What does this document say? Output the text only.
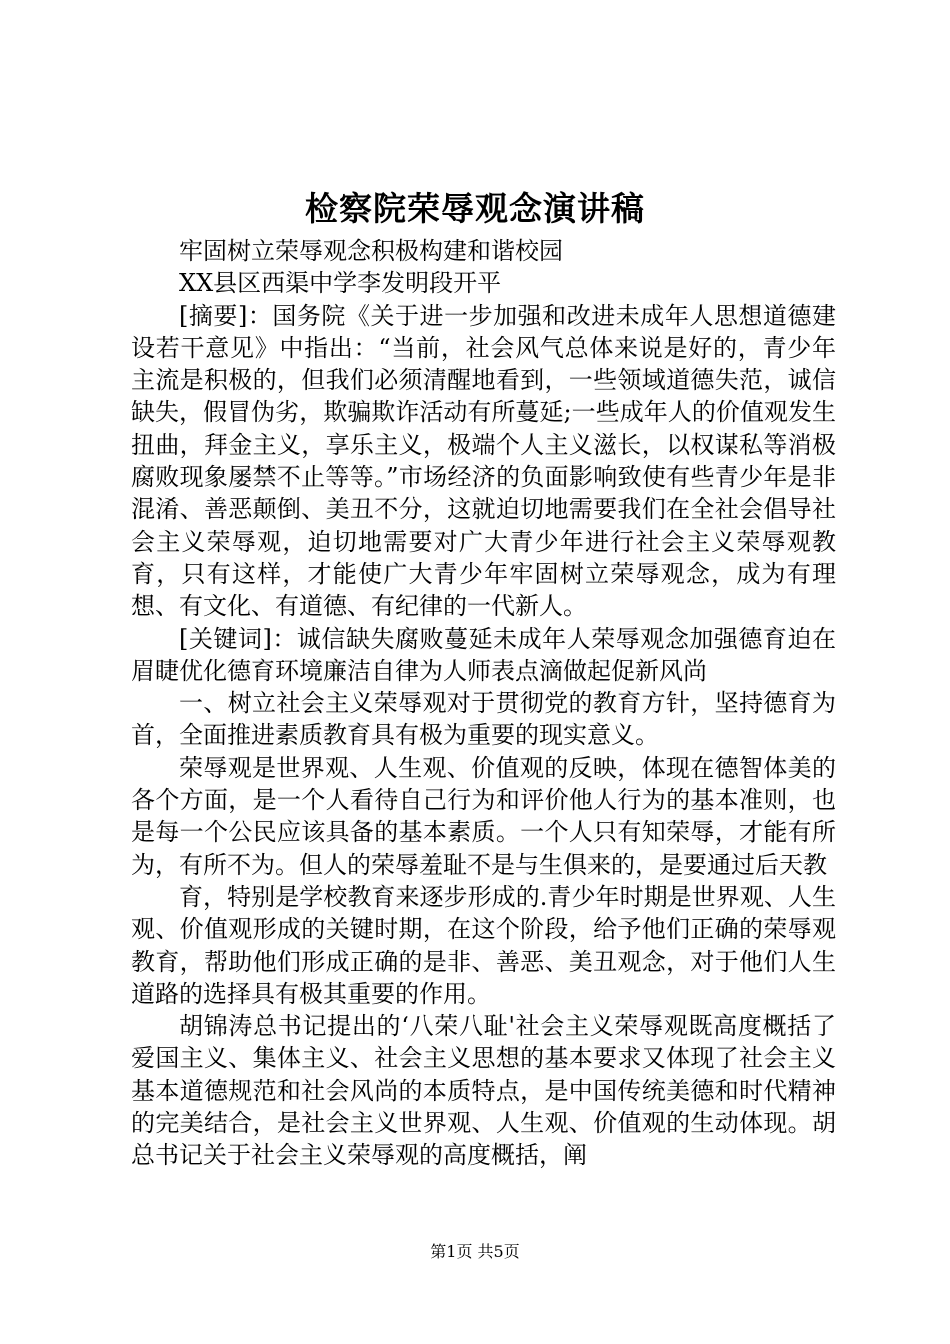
检察院荣辱观念演讲稿

牢固树立荣辱观念积极构建和谐校园

XX县区西渠中学李发明段开平

[摘要]：国务院《关于进一步加强和改进未成年人思想道德建设若干意见》中指出：“当前，社会风气总体来说是好的，青少年主流是积极的，但我们必须清醒地看到，一些领域道德失范，诚信缺失，假冒伪劣，欺骗欺诈活动有所蔓延;一些成年人的价值观发生扭曲，拜金主义，享乐主义，极端个人主义滋长，以权谋私等消极腐败现象屡禁不止等等。”市场经济的负面影响致使有些青少年是非混淆、善恶颠倒、美丑不分，这就迫切地需要我们在全社会倡导社会主义荣辱观，迫切地需要对广大青少年进行社会主义荣辱观教育，只有这样，才能使广大青少年牢固树立荣辱观念，成为有理想、有文化、有道德、有纪律的一代新人。

[关键词]：诚信缺失腐败蔓延未成年人荣辱观念加强德育迫在眉睫优化德育环境廉洁自律为人师表点滴做起促新风尚

一、树立社会主义荣辱观对于贯彻党的教育方针，坚持德育为首，全面推进素质教育具有极为重要的现实意义。

荣辱观是世界观、人生观、价值观的反映，体现在德智体美的各个方面，是一个人看待自己行为和评价他人行为的基本准则，也是每一个公民应该具备的基本素质。一个人只有知荣辱，才能有所为，有所不为。但人的荣辱羞耻不是与生俱来的，是要通过后天教

育，特别是学校教育来逐步形成的.青少年时期是世界观、人生观、价值观形成的关键时期，在这个阶段，给予他们正确的荣辱观教育，帮助他们形成正确的是非、善恶、美丑观念，对于他们人生道路的选择具有极其重要的作用。

胡锦涛总书记提出的‘八荣八耻'社会主义荣辱观既高度概括了爱国主义、集体主义、社会主义思想的基本要求又体现了社会主义基本道德规范和社会风尚的本质特点，是中国传统美德和时代精神的完美结合，是社会主义世界观、人生观、价值观的生动体现。胡总书记关于社会主义荣辱观的高度概括，阐

第1页 共5页
